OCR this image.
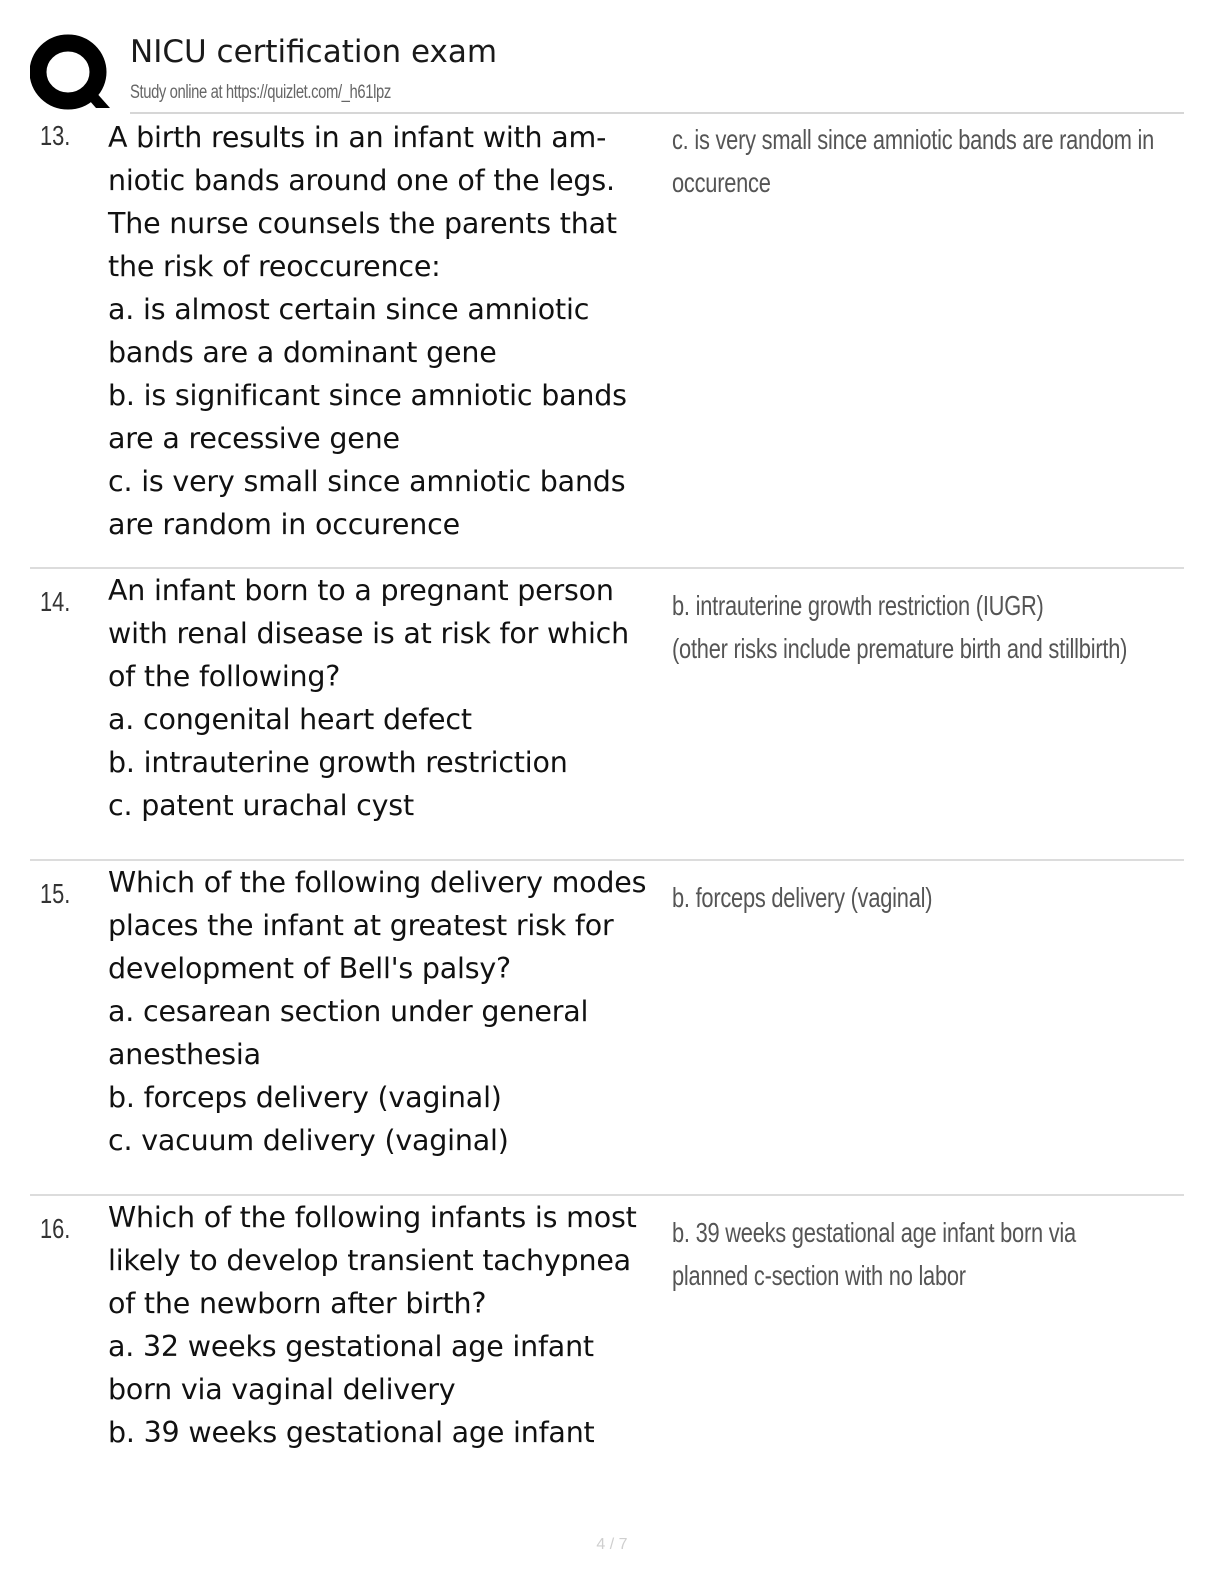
NICU certification exam
Study online at https://quizlet.com/_h61lpz
13. A birth results in an infant with am-
niotic bands around one of the legs.
The nurse counsels the parents that
the risk of reoccurence:
a. is almost certain since amniotic
bands are a dominant gene
b. is significant since amniotic bands
are a recessive gene
c. is very small since amniotic bands
are random in occurence
c. is very small since amniotic bands are random in
occurence
14. An infant born to a pregnant person
with renal disease is at risk for which
of the following?
a. congenital heart defect
b. intrauterine growth restriction
c. patent urachal cyst
b. intrauterine growth restriction (IUGR)
(other risks include premature birth and stillbirth)
15. Which of the following delivery modes
places the infant at greatest risk for
development of Bell's palsy?
a. cesarean section under general
anesthesia
b. forceps delivery (vaginal)
c. vacuum delivery (vaginal)
b. forceps delivery (vaginal)
16. Which of the following infants is most
likely to develop transient tachypnea
of the newborn after birth?
a. 32 weeks gestational age infant
born via vaginal delivery
b. 39 weeks gestational age infant
b. 39 weeks gestational age infant born via
planned c-section with no labor
4 / 7
